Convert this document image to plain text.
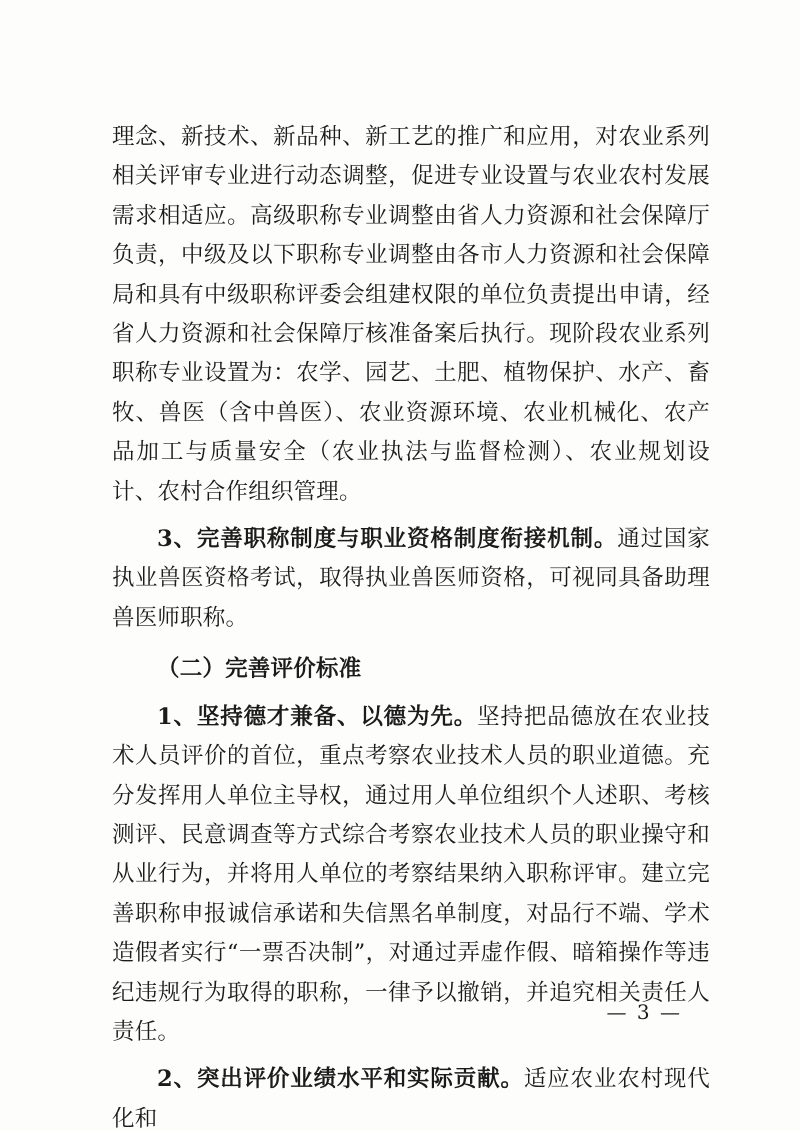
理念、新技术、新品种、新工艺的推广和应用，对农业系列相关评审专业进行动态调整，促进专业设置与农业农村发展需求相适应。高级职称专业调整由省人力资源和社会保障厅负责，中级及以下职称专业调整由各市人力资源和社会保障局和具有中级职称评委会组建权限的单位负责提出申请，经省人力资源和社会保障厅核准备案后执行。现阶段农业系列职称专业设置为：农学、园艺、土肥、植物保护、水产、畜牧、兽医（含中兽医）、农业资源环境、农业机械化、农产品加工与质量安全（农业执法与监督检测）、农业规划设计、农村合作组织管理。

3、完善职称制度与职业资格制度衔接机制。通过国家执业兽医资格考试，取得执业兽医师资格，可视同具备助理兽医师职称。

（二）完善评价标准

1、坚持德才兼备、以德为先。坚持把品德放在农业技术人员评价的首位，重点考察农业技术人员的职业道德。充分发挥用人单位主导权，通过用人单位组织个人述职、考核测评、民意调查等方式综合考察农业技术人员的职业操守和从业行为，并将用人单位的考察结果纳入职称评审。建立完善职称申报诚信承诺和失信黑名单制度，对品行不端、学术造假者实行“一票否决制”，对通过弄虚作假、暗箱操作等违纪违规行为取得的职称，一律予以撤销，并追究相关责任人责任。

2、突出评价业绩水平和实际贡献。适应农业农村现代化和

— 3 —
